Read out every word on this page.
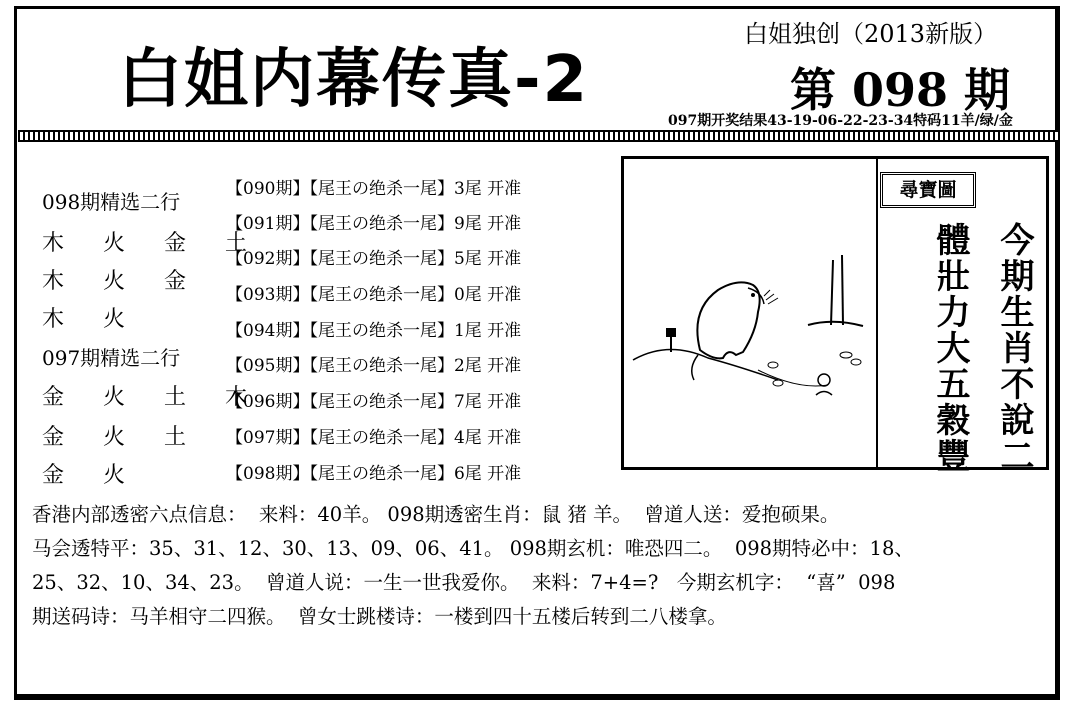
白姐内幕传真-2
白姐独创（2013新版）
第 098 期
097期开奖结果43-19-06-22-23-34特码11羊/绿/金
098期精选二行
木 火 金 土
木 火 金
木 火
097期精选二行
金 火 土 木
金 火 土
金 火
【090期】【尾王の绝杀一尾】3尾 开准
【091期】【尾王の绝杀一尾】9尾 开准
【092期】【尾王の绝杀一尾】5尾 开准
【093期】【尾王の绝杀一尾】0尾 开准
【094期】【尾王の绝杀一尾】1尾 开准
【095期】【尾王の绝杀一尾】2尾 开准
【096期】【尾王の绝杀一尾】7尾 开准
【097期】【尾王の绝杀一尾】4尾 开准
【098期】【尾王の绝杀一尾】6尾 开准
尋寶圖
今期生肖不說二
體壯力大五穀豐
香港内部透密六点信息：  来料：40羊。 098期透密生肖：鼠 猪 羊。  曾道人送：爱抱硕果。
马会透特平：35、31、12、30、13、09、06、41。 098期玄机：唯恐四二。  098期特必中：18、
25、32、10、34、23。  曾道人说：一生一世我爱你。  来料：7+4=?   今期玄机字：  “喜”  098
期送码诗：马羊相守二四猴。  曾女士跳楼诗：一楼到四十五楼后转到二八楼拿。
